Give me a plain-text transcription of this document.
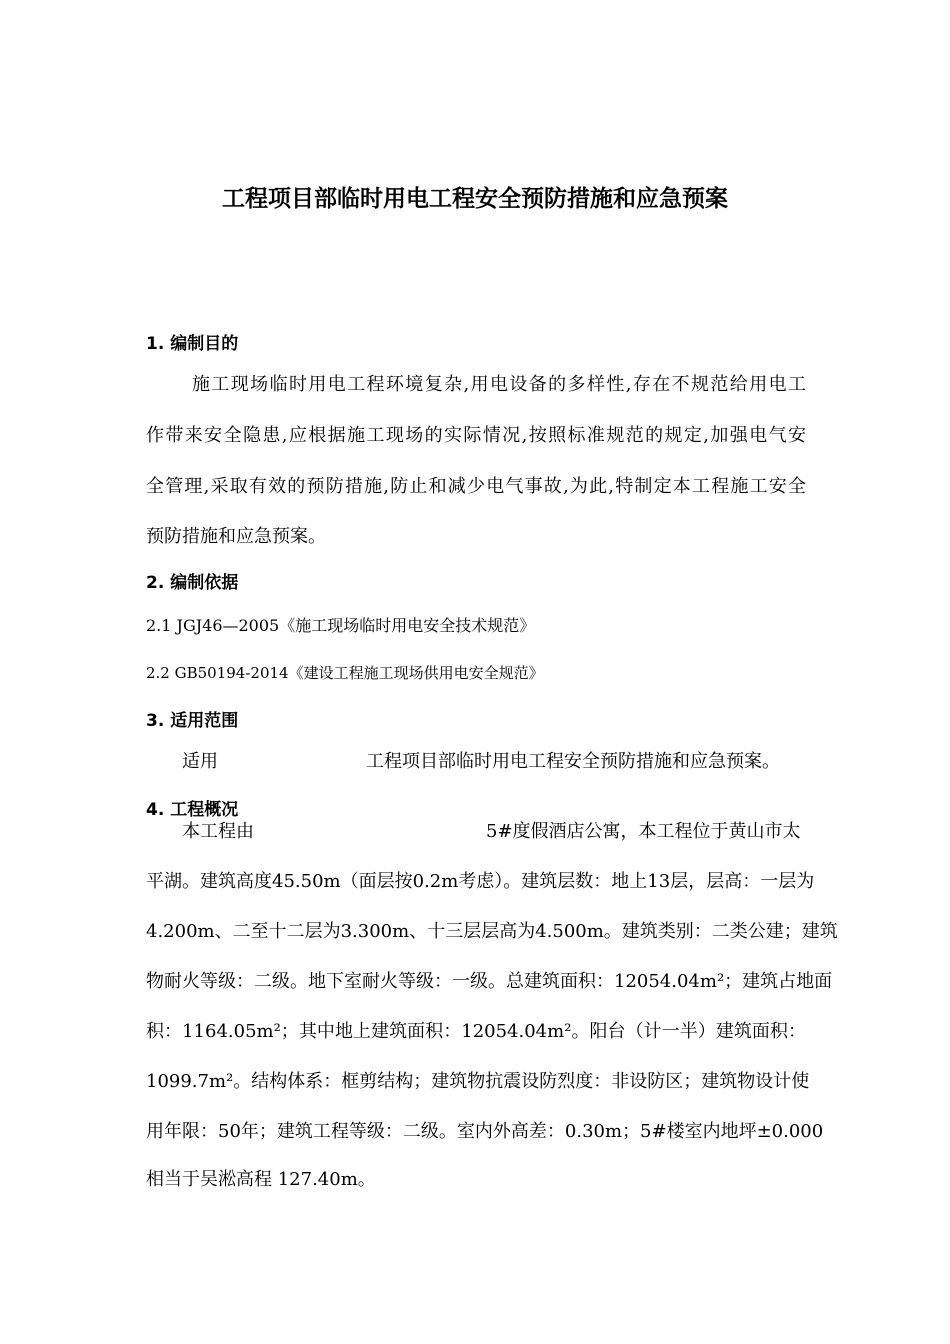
工程项目部临时用电工程安全预防措施和应急预案
1. 编制目的
施工现场临时用电工程环境复杂,用电设备的多样性,存在不规范给用电工
作带来安全隐患,应根据施工现场的实际情况,按照标准规范的规定,加强电气安
全管理,采取有效的预防措施,防止和减少电气事故,为此,特制定本工程施工安全
预防措施和应急预案。
2. 编制依据
2.1 JGJ46—2005《施工现场临时用电安全技术规范》
2.2 GB50194-2014《建设工程施工现场供用电安全规范》
3. 适用范围
适用	工程项目部临时用电工程安全预防措施和应急预案。
4. 工程概况
本工程由	5#度假酒店公寓，本工程位于黄山市太
平湖。建筑高度45.50m（面层按0.2m考虑）。建筑层数：地上13层，层高：一层为
4.200m、二至十二层为3.300m、十三层层高为4.500m。建筑类别：二类公建；建筑
物耐火等级：二级。地下室耐火等级：一级。总建筑面积：12054.04m²；建筑占地面
积：1164.05m²；其中地上建筑面积：12054.04m²。阳台（计一半）建筑面积：
1099.7m²。结构体系：框剪结构；建筑物抗震设防烈度：非设防区；建筑物设计使
用年限：50年；建筑工程等级：二级。室内外高差：0.30m；5#楼室内地坪±0.000
相当于吴淞高程 127.40m。
